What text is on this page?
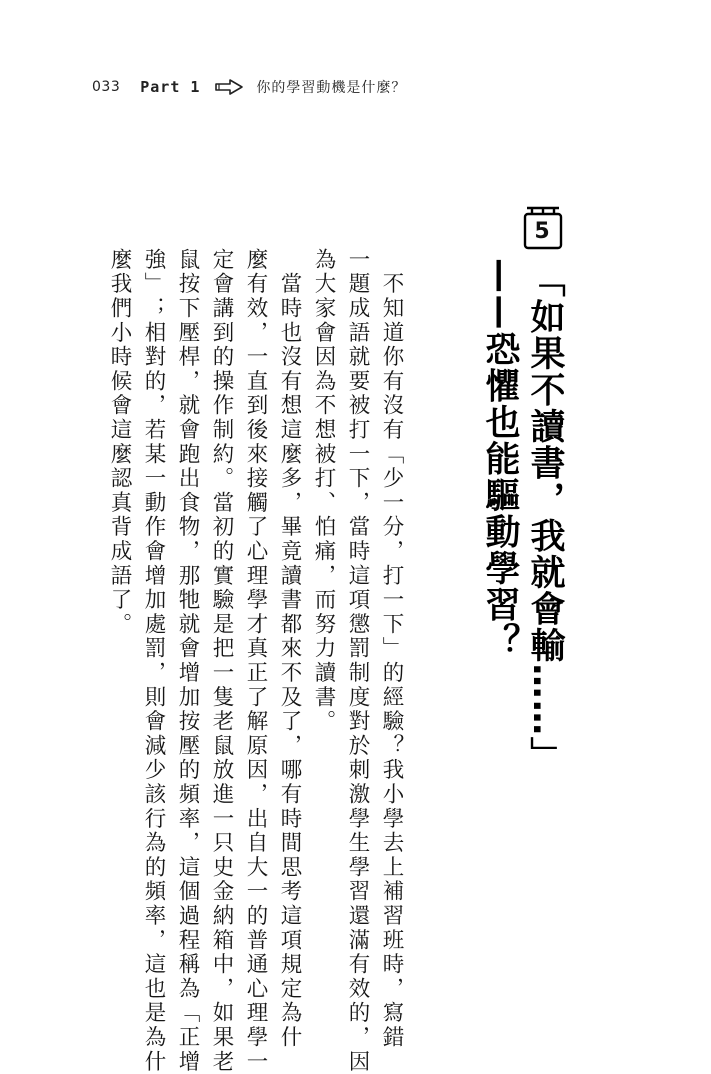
033 Part 1	你的學習動機是什麼？
5
「如果不讀書，我就會輸……」
——恐懼也能驅動學習？

　不知道你有沒有「少一分，打一下」的經驗？我小學去上補習班時，寫錯

一題成語就要被打一下，當時這項懲罰制度對於刺激學生學習還滿有效的，因

為大家會因為不想被打、怕痛，而努力讀書。

　當時也沒有想這麼多，畢竟讀書都來不及了，哪有時間思考這項規定為什

麼有效，一直到後來接觸了心理學才真正了解原因，出自大一的普通心理學一

定會講到的操作制約。當初的實驗是把一隻老鼠放進一只史金納箱中，如果老

鼠按下壓桿，就會跑出食物，那牠就會增加按壓的頻率，這個過程稱為「正增

強」；相對的，若某一動作會增加處罰，則會減少該行為的頻率，這也是為什

麼我們小時候會這麼認真背成語了。
